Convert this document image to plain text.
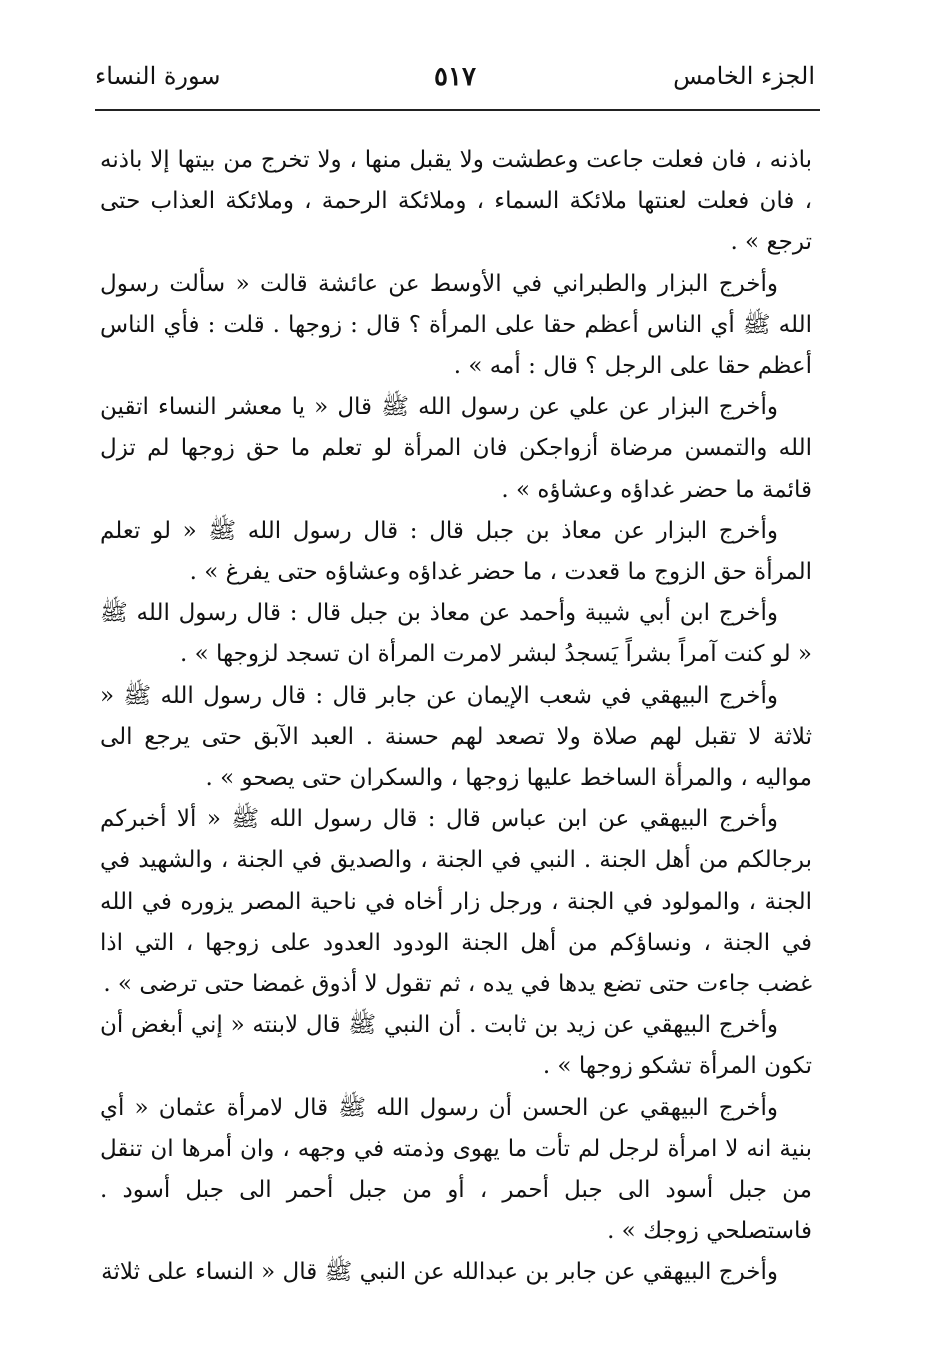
الجزء الخامس
٥١٧
سورة النساء

باذنه ، فان فعلت جاعت وعطشت ولا يقبل منها ، ولا تخرج من بيتها إلا باذنه ، فان فعلت لعنتها ملائكة السماء ، وملائكة الرحمة ، وملائكة العذاب حتى ترجع » .

وأخرج البزار والطبراني في الأوسط عن عائشة قالت « سألت رسول الله ﷺ أي الناس أعظم حقا على المرأة ؟ قال : زوجها . قلت : فأي الناس أعظم حقا على الرجل ؟ قال : أمه » .

وأخرج البزار عن علي عن رسول الله ﷺ قال « يا معشر النساء اتقين الله والتمسن مرضاة أزواجكن فان المرأة لو تعلم ما حق زوجها لم تزل قائمة ما حضر غداؤه وعشاؤه » .

وأخرج البزار عن معاذ بن جبل قال : قال رسول الله ﷺ « لو تعلم المرأة حق الزوج ما قعدت ، ما حضر غداؤه وعشاؤه حتى يفرغ » .

وأخرج ابن أبي شيبة وأحمد عن معاذ بن جبل قال : قال رسول الله ﷺ « لو كنت آمراً بشراً يَسجدُ لبشر لامرت المرأة ان تسجد لزوجها » .

وأخرج البيهقي في شعب الإيمان عن جابر قال : قال رسول الله ﷺ « ثلاثة لا تقبل لهم صلاة ولا تصعد لهم حسنة . العبد الآبق حتى يرجع الى مواليه ، والمرأة الساخط عليها زوجها ، والسكران حتى يصحو » .

وأخرج البيهقي عن ابن عباس قال : قال رسول الله ﷺ « ألا أخبركم برجالكم من أهل الجنة . النبي في الجنة ، والصديق في الجنة ، والشهيد في الجنة ، والمولود في الجنة ، ورجل زار أخاه في ناحية المصر يزوره في الله في الجنة ، ونساؤكم من أهل الجنة الودود العدود على زوجها ، التي اذا غضب جاءت حتى تضع يدها في يده ، ثم تقول لا أذوق غمضا حتى ترضى » .

وأخرج البيهقي عن زيد بن ثابت . أن النبي ﷺ قال لابنته « إني أبغض أن تكون المرأة تشكو زوجها » .

وأخرج البيهقي عن الحسن أن رسول الله ﷺ قال لامرأة عثمان « أي بنية انه لا امرأة لرجل لم تأت ما يهوى وذمته في وجهه ، وان أمرها ان تنقل من جبل أسود الى جبل أحمر ، أو من جبل أحمر الى جبل أسود . فاستصلحي زوجك » .

وأخرج البيهقي عن جابر بن عبدالله عن النبي ﷺ قال « النساء على ثلاثة
